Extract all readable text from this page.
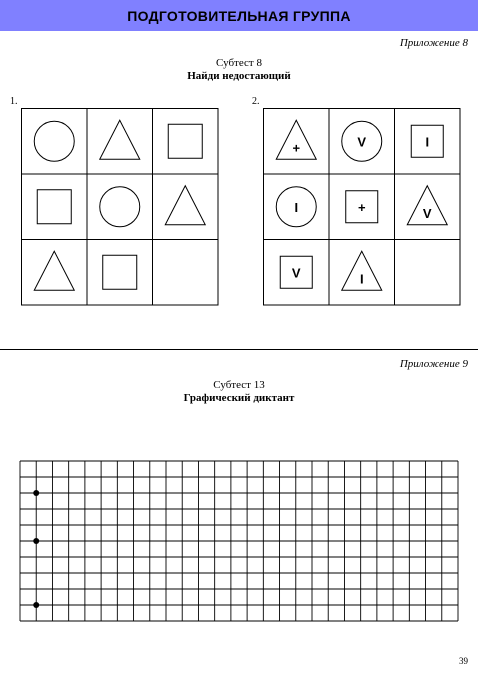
ПОДГОТОВИТЕЛЬНАЯ ГРУППА
Приложение 8
Субтест 8
Найди недостающий
1.	2.
+	V	I
I	+	V
V	I
Приложение 9
Субтест 13
Графический диктант
39
